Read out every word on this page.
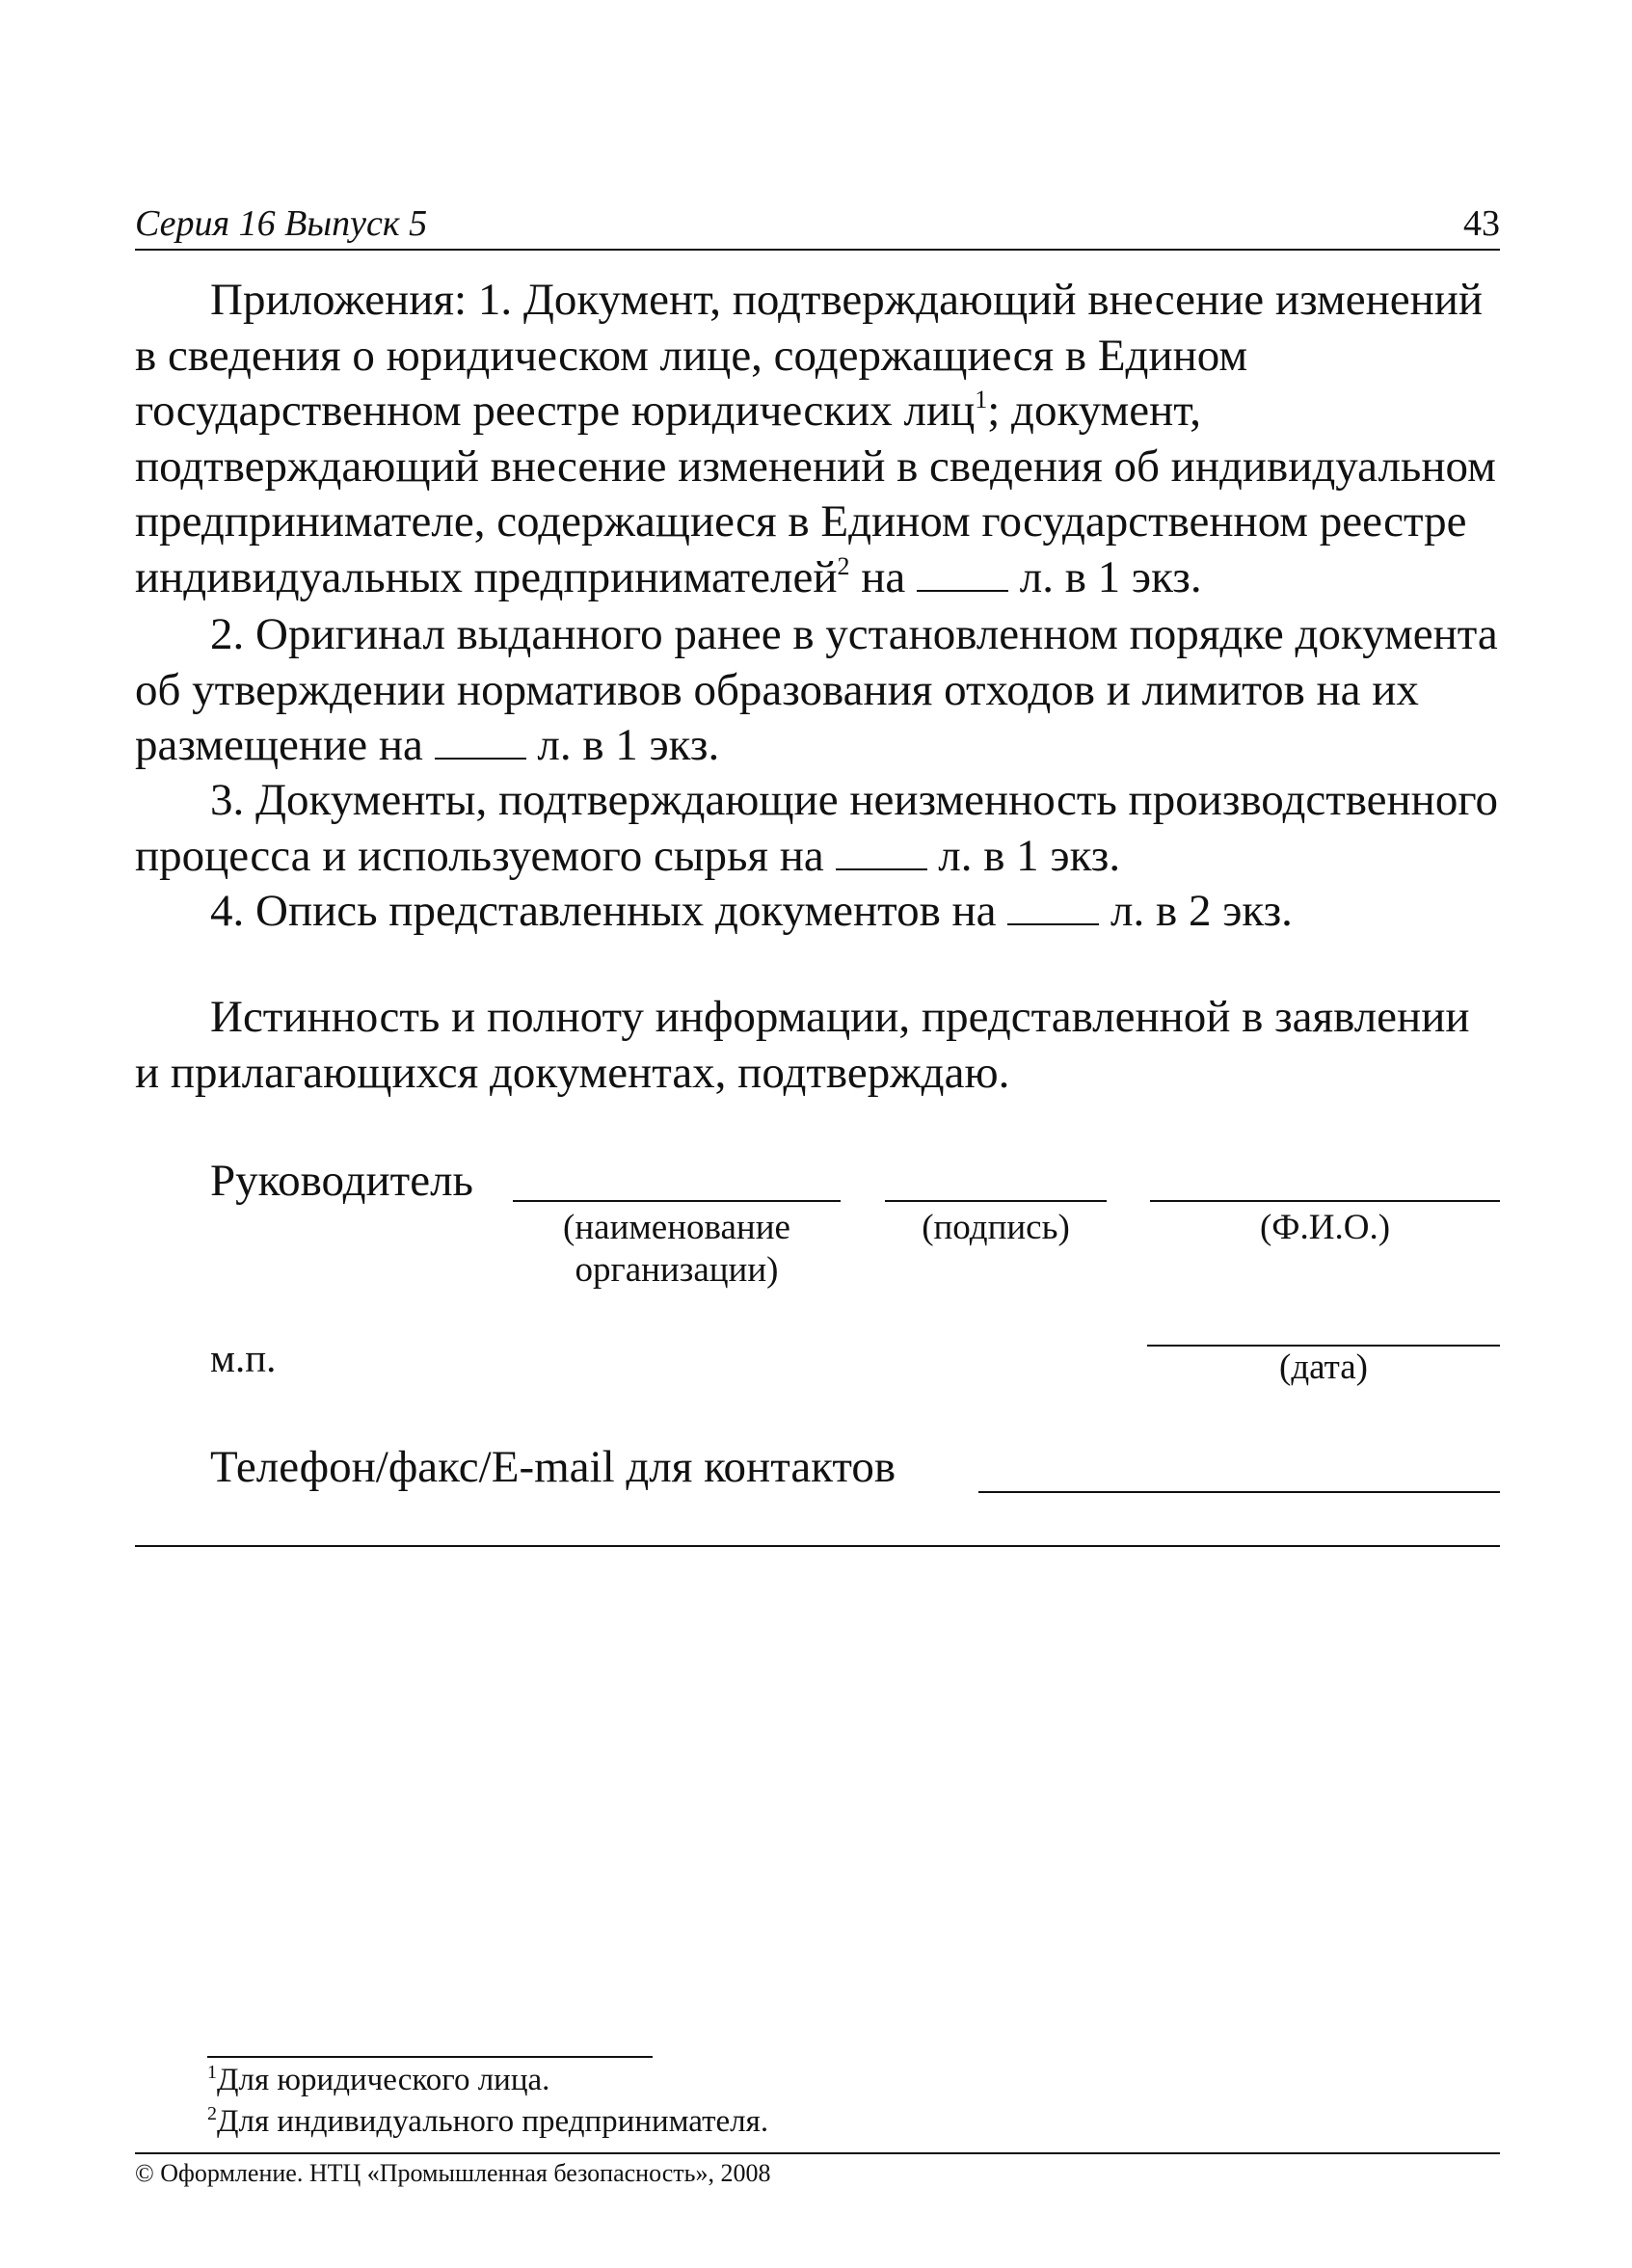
Серия 16 Выпуск 5	43

Приложения: 1. Документ, подтверждающий внесение изменений в сведения о юридическом лице, содержащиеся в Едином государственном реестре юридических лиц$^1$; документ, подтверждающий внесение изменений в сведения об индивидуальном предпринимателе, содержащиеся в Едином государственном реестре индивидуальных предпринимателей$^2$ на  л. в 1 экз.

2. Оригинал выданного ранее в установленном порядке документа об утверждении нормативов образования отходов и лимитов на их размещение на  л. в 1 экз.

3. Документы, подтверждающие неизменность производственного процесса и используемого сырья на  л. в 1 экз.

4. Опись представленных документов на  л. в 2 экз.

Истинность и полноту информации, представленной в заявлении и прилагающихся документах, подтверждаю.

Руководитель
(наименование организации)
(подпись)	(Ф.И.О.)
м.п.	(дата)
Телефон/факс/E-mail для контактов
$^1$Для юридического лица.
$^2$Для индивидуального предпринимателя.
© Оформление. НТЦ «Промышленная безопасность», 2008
